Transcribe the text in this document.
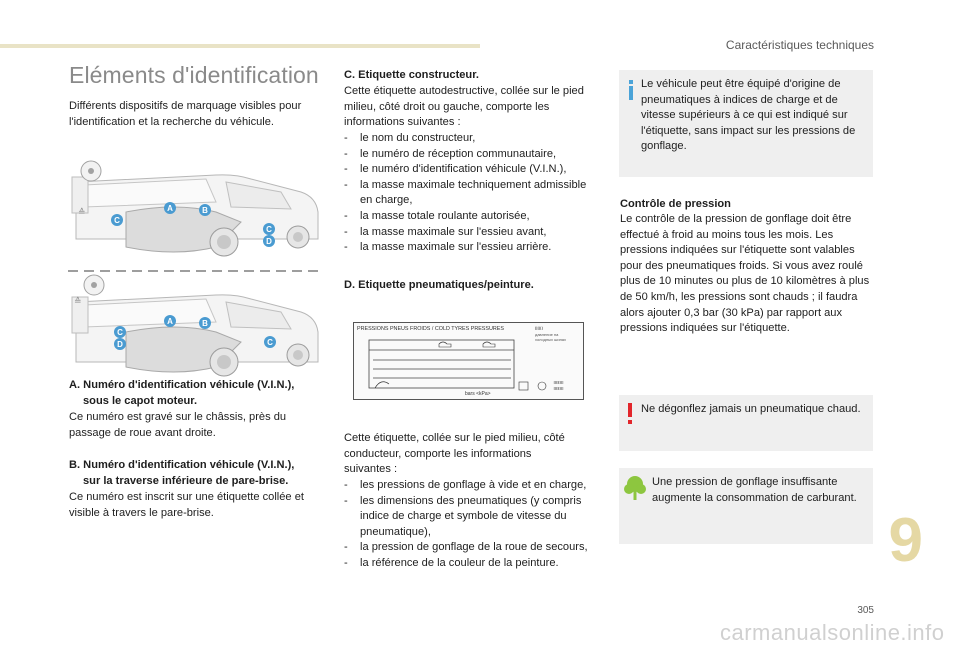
Caractéristiques techniques
Eléments d'identification
Différents dispositifs de marquage visibles pour l'identification et la recherche du véhicule.
≙
≙
A	B
C
C
D
A	B
C
D	C
A. Numéro d'identification véhicule (V.I.N.),
sous le capot moteur.
Ce numéro est gravé sur le châssis, près du passage de roue avant droite.
B. Numéro d'identification véhicule (V.I.N.),
sur la traverse inférieure de pare-brise.
Ce numéro est inscrit sur une étiquette collée et visible à travers le pare-brise.
C. Etiquette constructeur.
Cette étiquette autodestructive, collée sur le pied milieu, côté droit ou gauche, comporte les informations suivantes :
- le nom du constructeur,
- le numéro de réception communautaire,
- le numéro d'identification véhicule (V.I.N.),
- la masse maximale techniquement admissible en charge,
- la masse totale roulante autorisée,
- la masse maximale sur l'essieu avant,
- la masse maximale sur l'essieu arrière.
D. Etiquette pneumatiques/peinture.
PRESSIONS PNEUS FROIDS / COLD TYRES PRESSURES	⌷⌷⌷
давление на
холодных шинах
bars <kPa>
⌷⌷⌷⌷
⌷⌷⌷⌷
Cette étiquette, collée sur le pied milieu, côté conducteur, comporte les informations suivantes :
- les pressions de gonflage à vide et en charge,
- les dimensions des pneumatiques (y compris indice de charge et symbole de vitesse du pneumatique),
- la pression de gonflage de la roue de secours,
- la référence de la couleur de la peinture.
Le véhicule peut être équipé d'origine de pneumatiques à indices de charge et de vitesse supérieurs à ce qui est indiqué sur l'étiquette, sans impact sur les pressions de gonflage.
Contrôle de pression
Le contrôle de la pression de gonflage doit être effectué à froid au moins tous les mois. Les pressions indiquées sur l'étiquette sont valables pour des pneumatiques froids. Si vous avez roulé plus de 10 minutes ou plus de 10 kilomètres à plus de 50 km/h, les pressions sont chauds ; il faudra alors ajouter 0,3 bar (30 kPa) par rapport aux pressions indiquées sur l'étiquette.
Ne dégonflez jamais un pneumatique chaud.
Une pression de gonflage insuffisante augmente la consommation de carburant.
9
305
carmanualsonline.info
